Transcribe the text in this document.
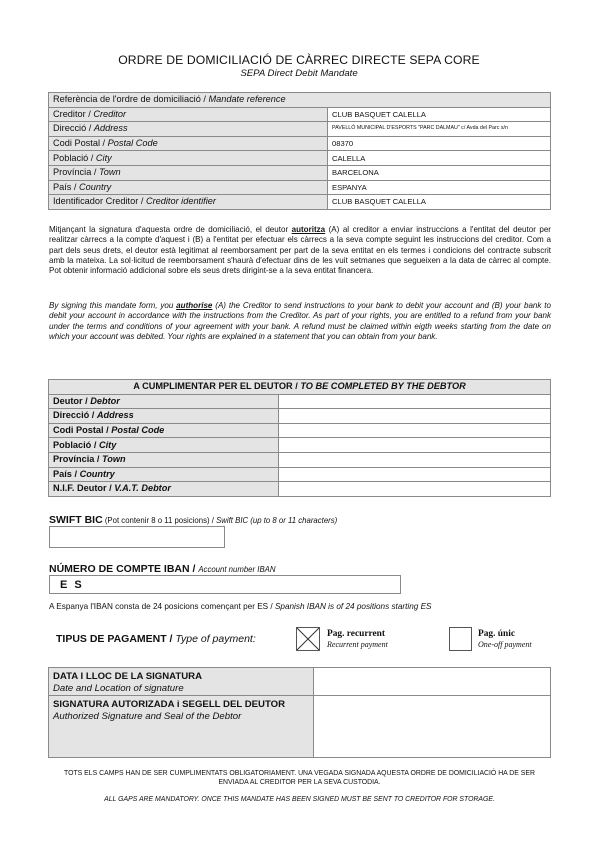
ORDRE DE DOMICILIACIÓ DE CÀRREC DIRECTE SEPA CORE
SEPA Direct Debit Mandate
Referència de l'ordre de domiciliació / Mandate reference	
Creditor / Creditor	CLUB BASQUET CALELLA
Direcció / Address	PAVELLÓ MUNICIPAL D'ESPORTS "PARC DALMAU" c/ Avda del Parc s/n
Codi Postal / Postal Code	08370
Població / City	CALELLA
Província / Town	BARCELONA
País / Country	ESPANYA
Identificador Creditor / Creditor identifier	CLUB BASQUET CALELLA
Mitjançant la signatura d'aquesta ordre de domiciliació, el deutor autoritza (A) al creditor a enviar instruccions a l'entitat del deutor per realitzar càrrecs a la compte d'aquest i (B) a l'entitat per efectuar els càrrecs a la seva compte seguint les instruccions del creditor. Com a part dels seus drets, el deutor està legitimat al reemborsament per part de la seva entitat en els termes i condicions del contracte subscrit amb la mateixa. La sol·licitud de reemborsament s'haurà d'efectuar dins de les vuit setmanes que segueixen a la data de càrrec al compte. Pot obtenir informació addicional sobre els seus drets dirigint-se a la seva entitat financera.
By signing this mandate form, you authorise (A) the Creditor to send instructions to your bank to debit your account and (B) your bank to debit your account in accordance with the instructions from the Creditor. As part of your rights, you are entitled to a refund from your bank under the terms and conditions of your agreement with your bank. A refund must be claimed within eigth weeks starting from the date on which your account was debited. Your rights are explained in a statement that you can obtain from your bank.
A CUMPLIMENTAR PER EL DEUTOR / TO BE COMPLETED BY THE DEBTOR	
Deutor / Debtor	
Direcció / Address	
Codi Postal / Postal Code	
Població / City	
Província / Town	
País / Country	
N.I.F. Deutor / V.A.T. Debtor	
SWIFT BIC (Pot contenir 8 o 11 posicions) / Swift BIC (up to 8 or 11 characters)
NÚMERO DE COMPTE IBAN / Account number IBAN
E S
A Espanya l'IBAN consta de 24 posicions començant per ES / Spanish IBAN is of 24 positions starting ES
TIPUS DE PAGAMENT / Type of payment:	Pag. recurrent
Recurrent payment
Pag. únic
One-off payment
DATA I LLOC DE LA SIGNATURA
Date and Location of signature	

SIGNATURA AUTORIZADA i SEGELL DEL DEUTOR
Authorized Signature and Seal of the Debtor	

TOTS ELS CAMPS HAN DE SER CUMPLIMENTATS OBLIGATORIAMENT. UNA VEGADA SIGNADA AQUESTA ORDRE DE DOMICILIACIÓ HA DE SER ENVIADA AL CREDITOR PER LA SEVA CUSTODIA.
ALL GAPS ARE MANDATORY. ONCE THIS MANDATE HAS BEEN SIGNED MUST BE SENT TO CREDITOR FOR STORAGE.
